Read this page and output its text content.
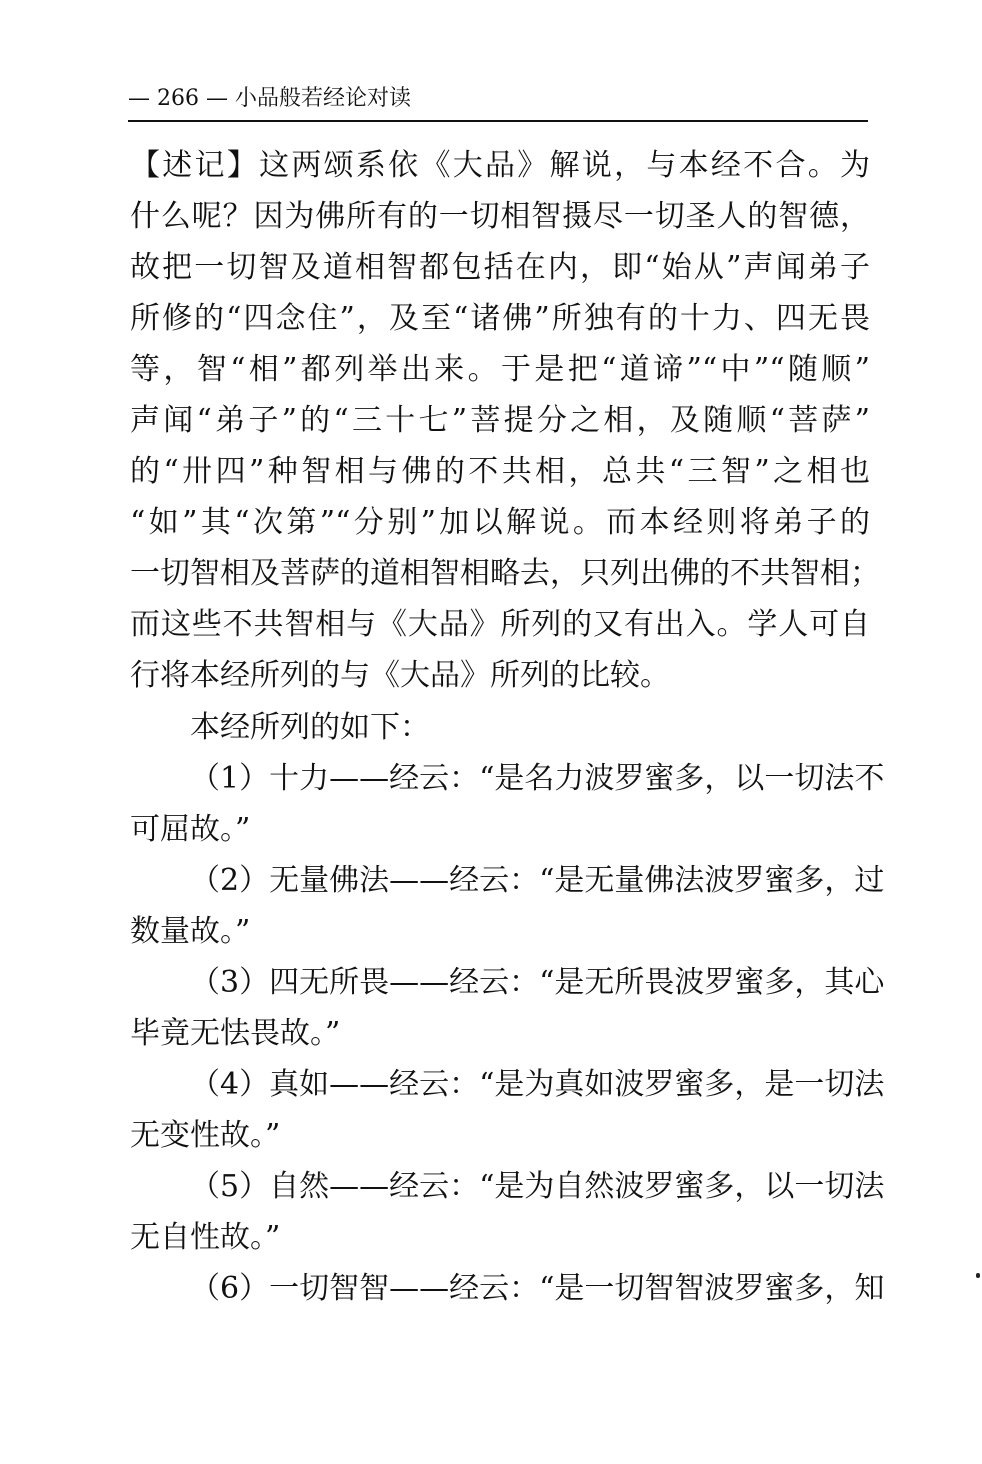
— 266 — 小品般若经论对读
【述记】这两颂系依《大品》解说，与本经不合。为
什么呢？因为佛所有的一切相智摄尽一切圣人的智德，
故把一切智及道相智都包括在内，即“始从”声闻弟子
所修的“四念住”，及至“诸佛”所独有的十力、四无畏
等，智“相”都列举出来。于是把“道谛”“中”“随顺”
声闻“弟子”的“三十七”菩提分之相，及随顺“菩萨”
的“卅四”种智相与佛的不共相，总共“三智”之相也
“如”其“次第”“分别”加以解说。而本经则将弟子的
一切智相及菩萨的道相智相略去，只列出佛的不共智相；
而这些不共智相与《大品》所列的又有出入。学人可自
行将本经所列的与《大品》所列的比较。
本经所列的如下：
（1）十力——经云：“是名力波罗蜜多，以一切法不
可屈故。”
（2）无量佛法——经云：“是无量佛法波罗蜜多，过
数量故。”
（3）四无所畏——经云：“是无所畏波罗蜜多，其心
毕竟无怯畏故。”
（4）真如——经云：“是为真如波罗蜜多，是一切法
无变性故。”
（5）自然——经云：“是为自然波罗蜜多，以一切法
无自性故。”
（6）一切智智——经云：“是一切智智波罗蜜多，知
